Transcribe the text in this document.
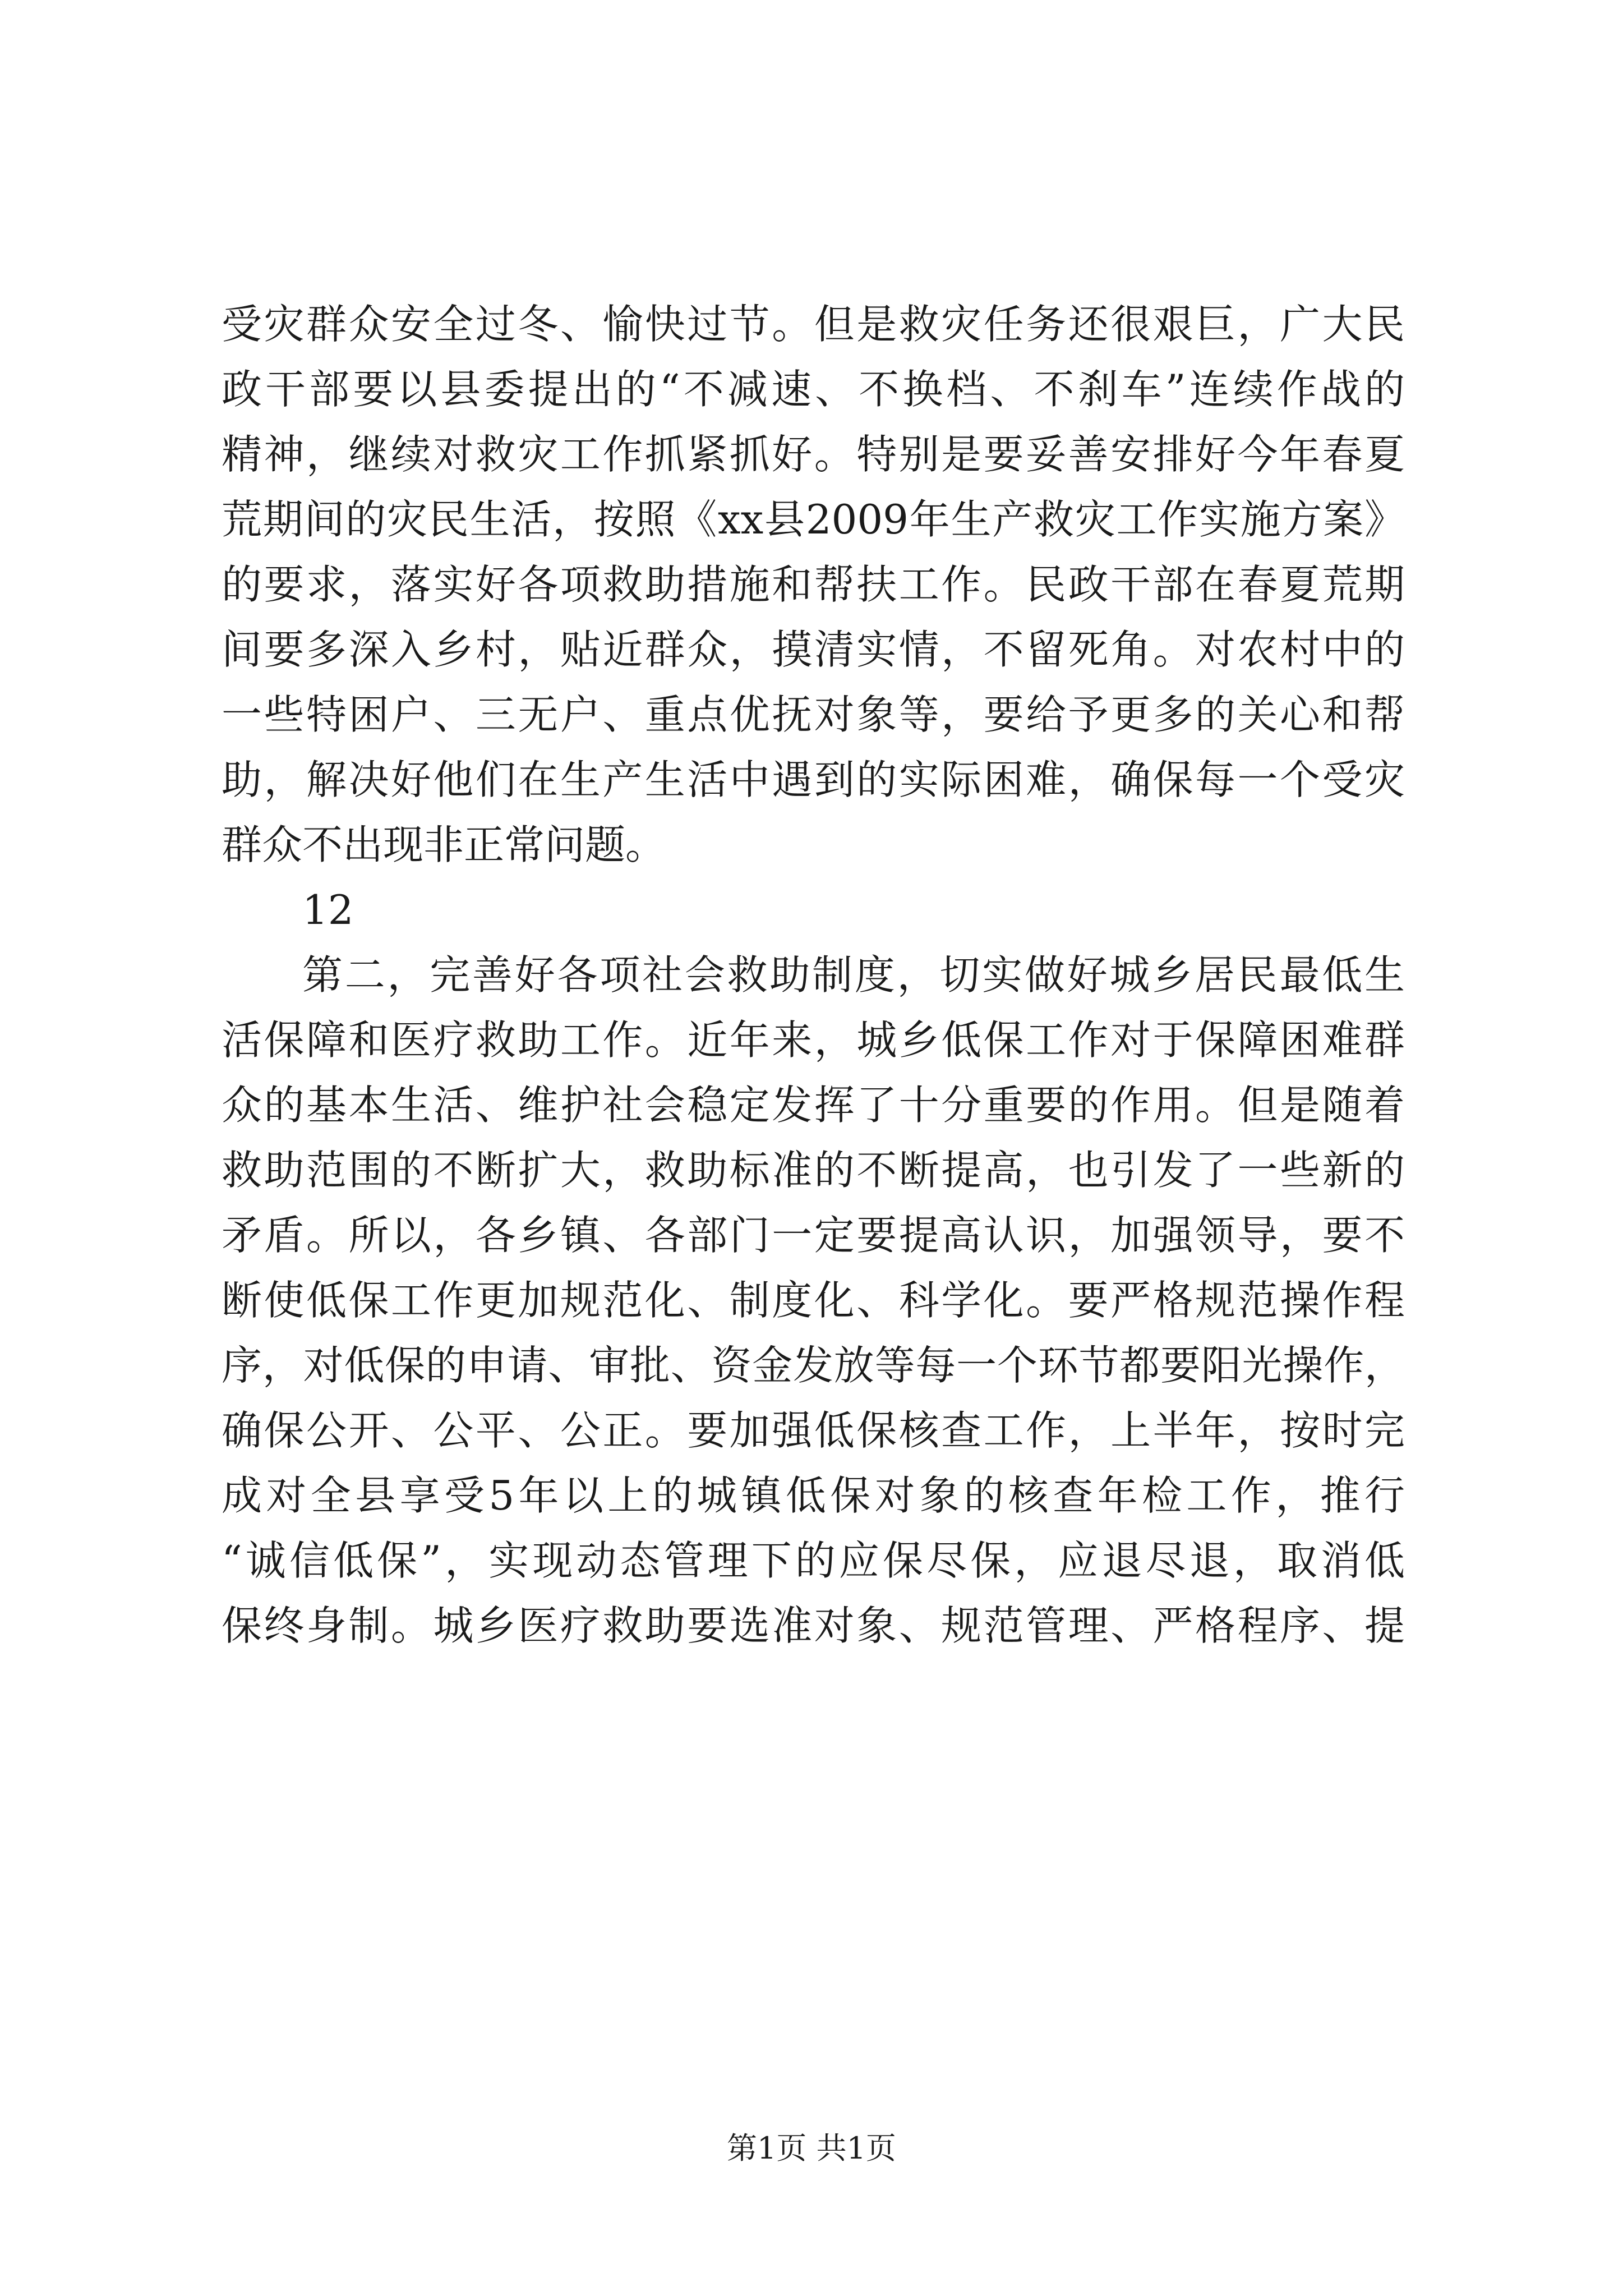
受灾群众安全过冬、愉快过节。但是救灾任务还很艰巨，广大民
政干部要以县委提出的“不减速、不换档、不刹车”连续作战的
精神，继续对救灾工作抓紧抓好。特别是要妥善安排好今年春夏
荒期间的灾民生活，按照《xx县2009年生产救灾工作实施方案》
的要求，落实好各项救助措施和帮扶工作。民政干部在春夏荒期
间要多深入乡村，贴近群众，摸清实情，不留死角。对农村中的
一些特困户、三无户、重点优抚对象等，要给予更多的关心和帮
助，解决好他们在生产生活中遇到的实际困难，确保每一个受灾
群众不出现非正常问题。
12
第二，完善好各项社会救助制度，切实做好城乡居民最低生
活保障和医疗救助工作。近年来，城乡低保工作对于保障困难群
众的基本生活、维护社会稳定发挥了十分重要的作用。但是随着
救助范围的不断扩大，救助标准的不断提高，也引发了一些新的
矛盾。所以，各乡镇、各部门一定要提高认识，加强领导，要不
断使低保工作更加规范化、制度化、科学化。要严格规范操作程
序，对低保的申请、审批、资金发放等每一个环节都要阳光操作，
确保公开、公平、公正。要加强低保核查工作，上半年，按时完
成对全县享受5年以上的城镇低保对象的核查年检工作，推行
“诚信低保”，实现动态管理下的应保尽保，应退尽退，取消低
保终身制。城乡医疗救助要选准对象、规范管理、严格程序、提
第1页 共1页
